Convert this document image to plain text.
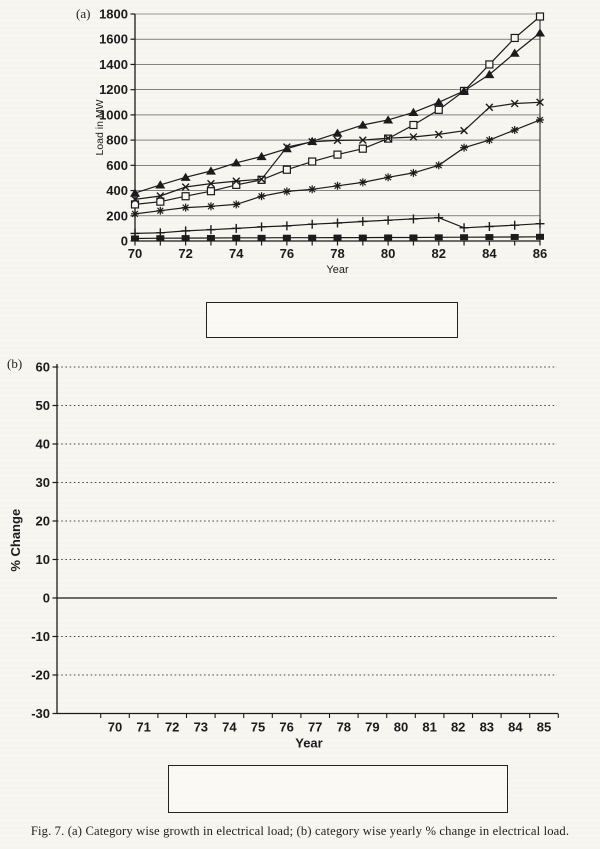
(a)
(b)
0
200
400
600
800
1000
1200
1400
1600
1800
70	72	74	76	78	80	82	84	86
Year
Load in MW
-30
-20
-10
0
10
20
30
40
50
60
70 71 72 73 74 75 76 77 78 79 80 81 82 83 84 85
Year
% Change
Fig. 7. (a) Category wise growth in electrical load; (b) category wise yearly % change in electrical load.
